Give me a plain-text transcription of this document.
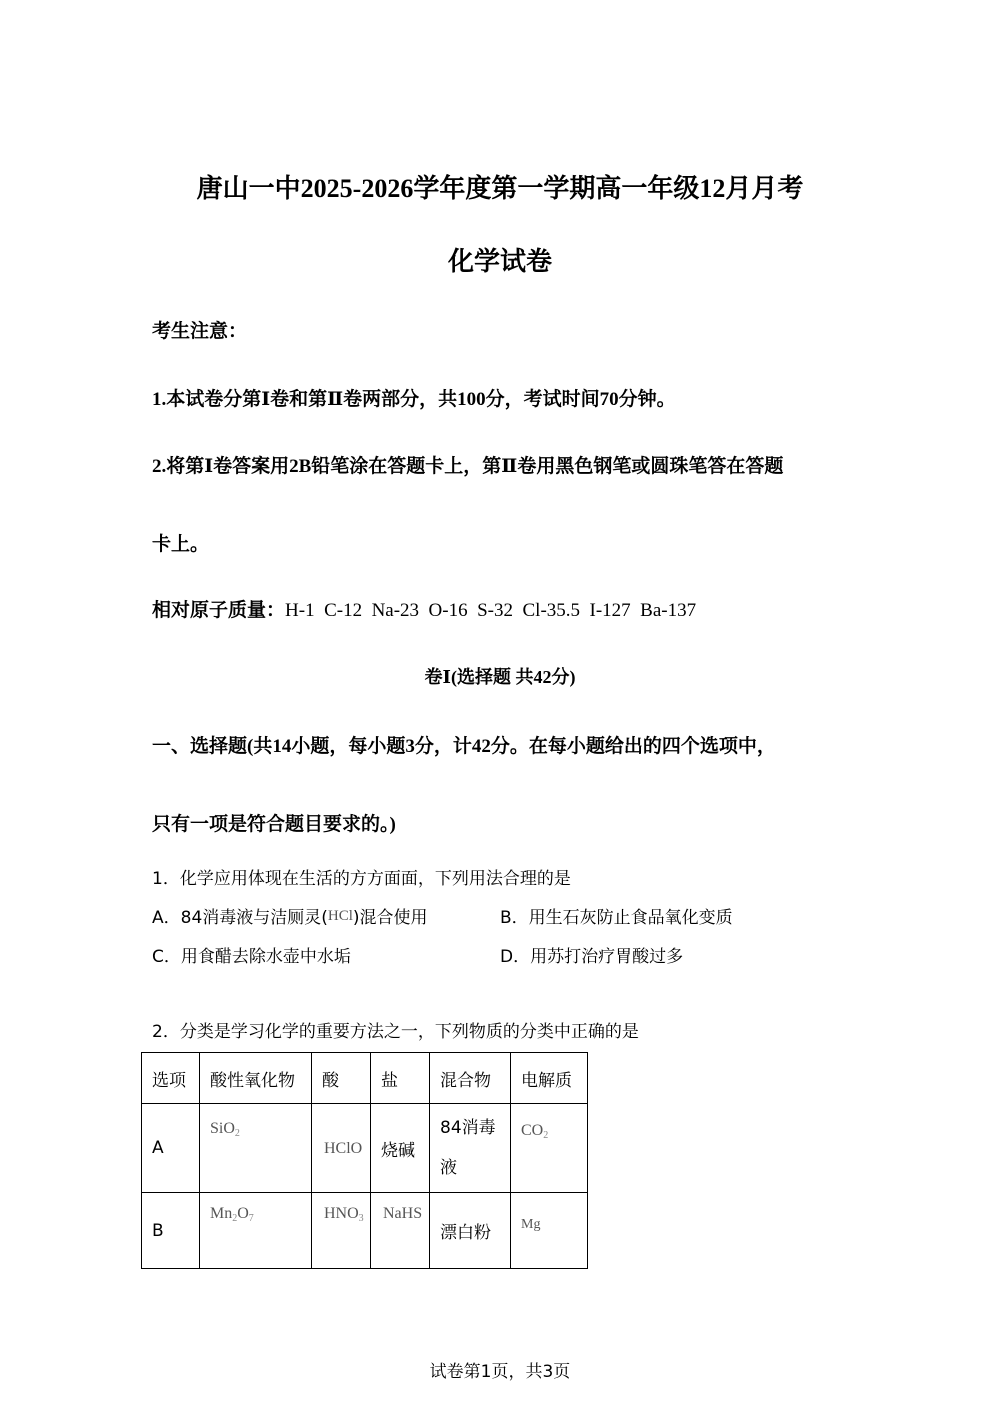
唐山一中2025-2026学年度第一学期高一年级12月月考
化学试卷
考生注意：
1.本试卷分第Ⅰ卷和第Ⅱ卷两部分，共100分，考试时间70分钟。
2.将第Ⅰ卷答案用2B铅笔涂在答题卡上，第Ⅱ卷用黑色钢笔或圆珠笔答在答题
卡上。
相对原子质量：H-1  C-12  Na-23  O-16  S-32  Cl-35.5  I-127  Ba-137
卷Ⅰ(选择题 共42分)
一、选择题(共14小题，每小题3分，计42分。在每小题给出的四个选项中，
只有一项是符合题目要求的。)
1．化学应用体现在生活的方方面面，下列用法合理的是
A．84消毒液与洁厕灵(HCl)混合使用	B．用生石灰防止食品氧化变质
C．用食醋去除水壶中水垢	D．用苏打治疗胃酸过多
2．分类是学习化学的重要方法之一，下列物质的分类中正确的是
选项	酸性氧化物	酸	盐	混合物	电解质
A	SiO$_2$	HClO	烧碱	84消毒
液	$CO_2$
B	$Mn_2O_7$	$HNO_3$	NaHS	漂白粉	Mg
试卷第1页，共3页
